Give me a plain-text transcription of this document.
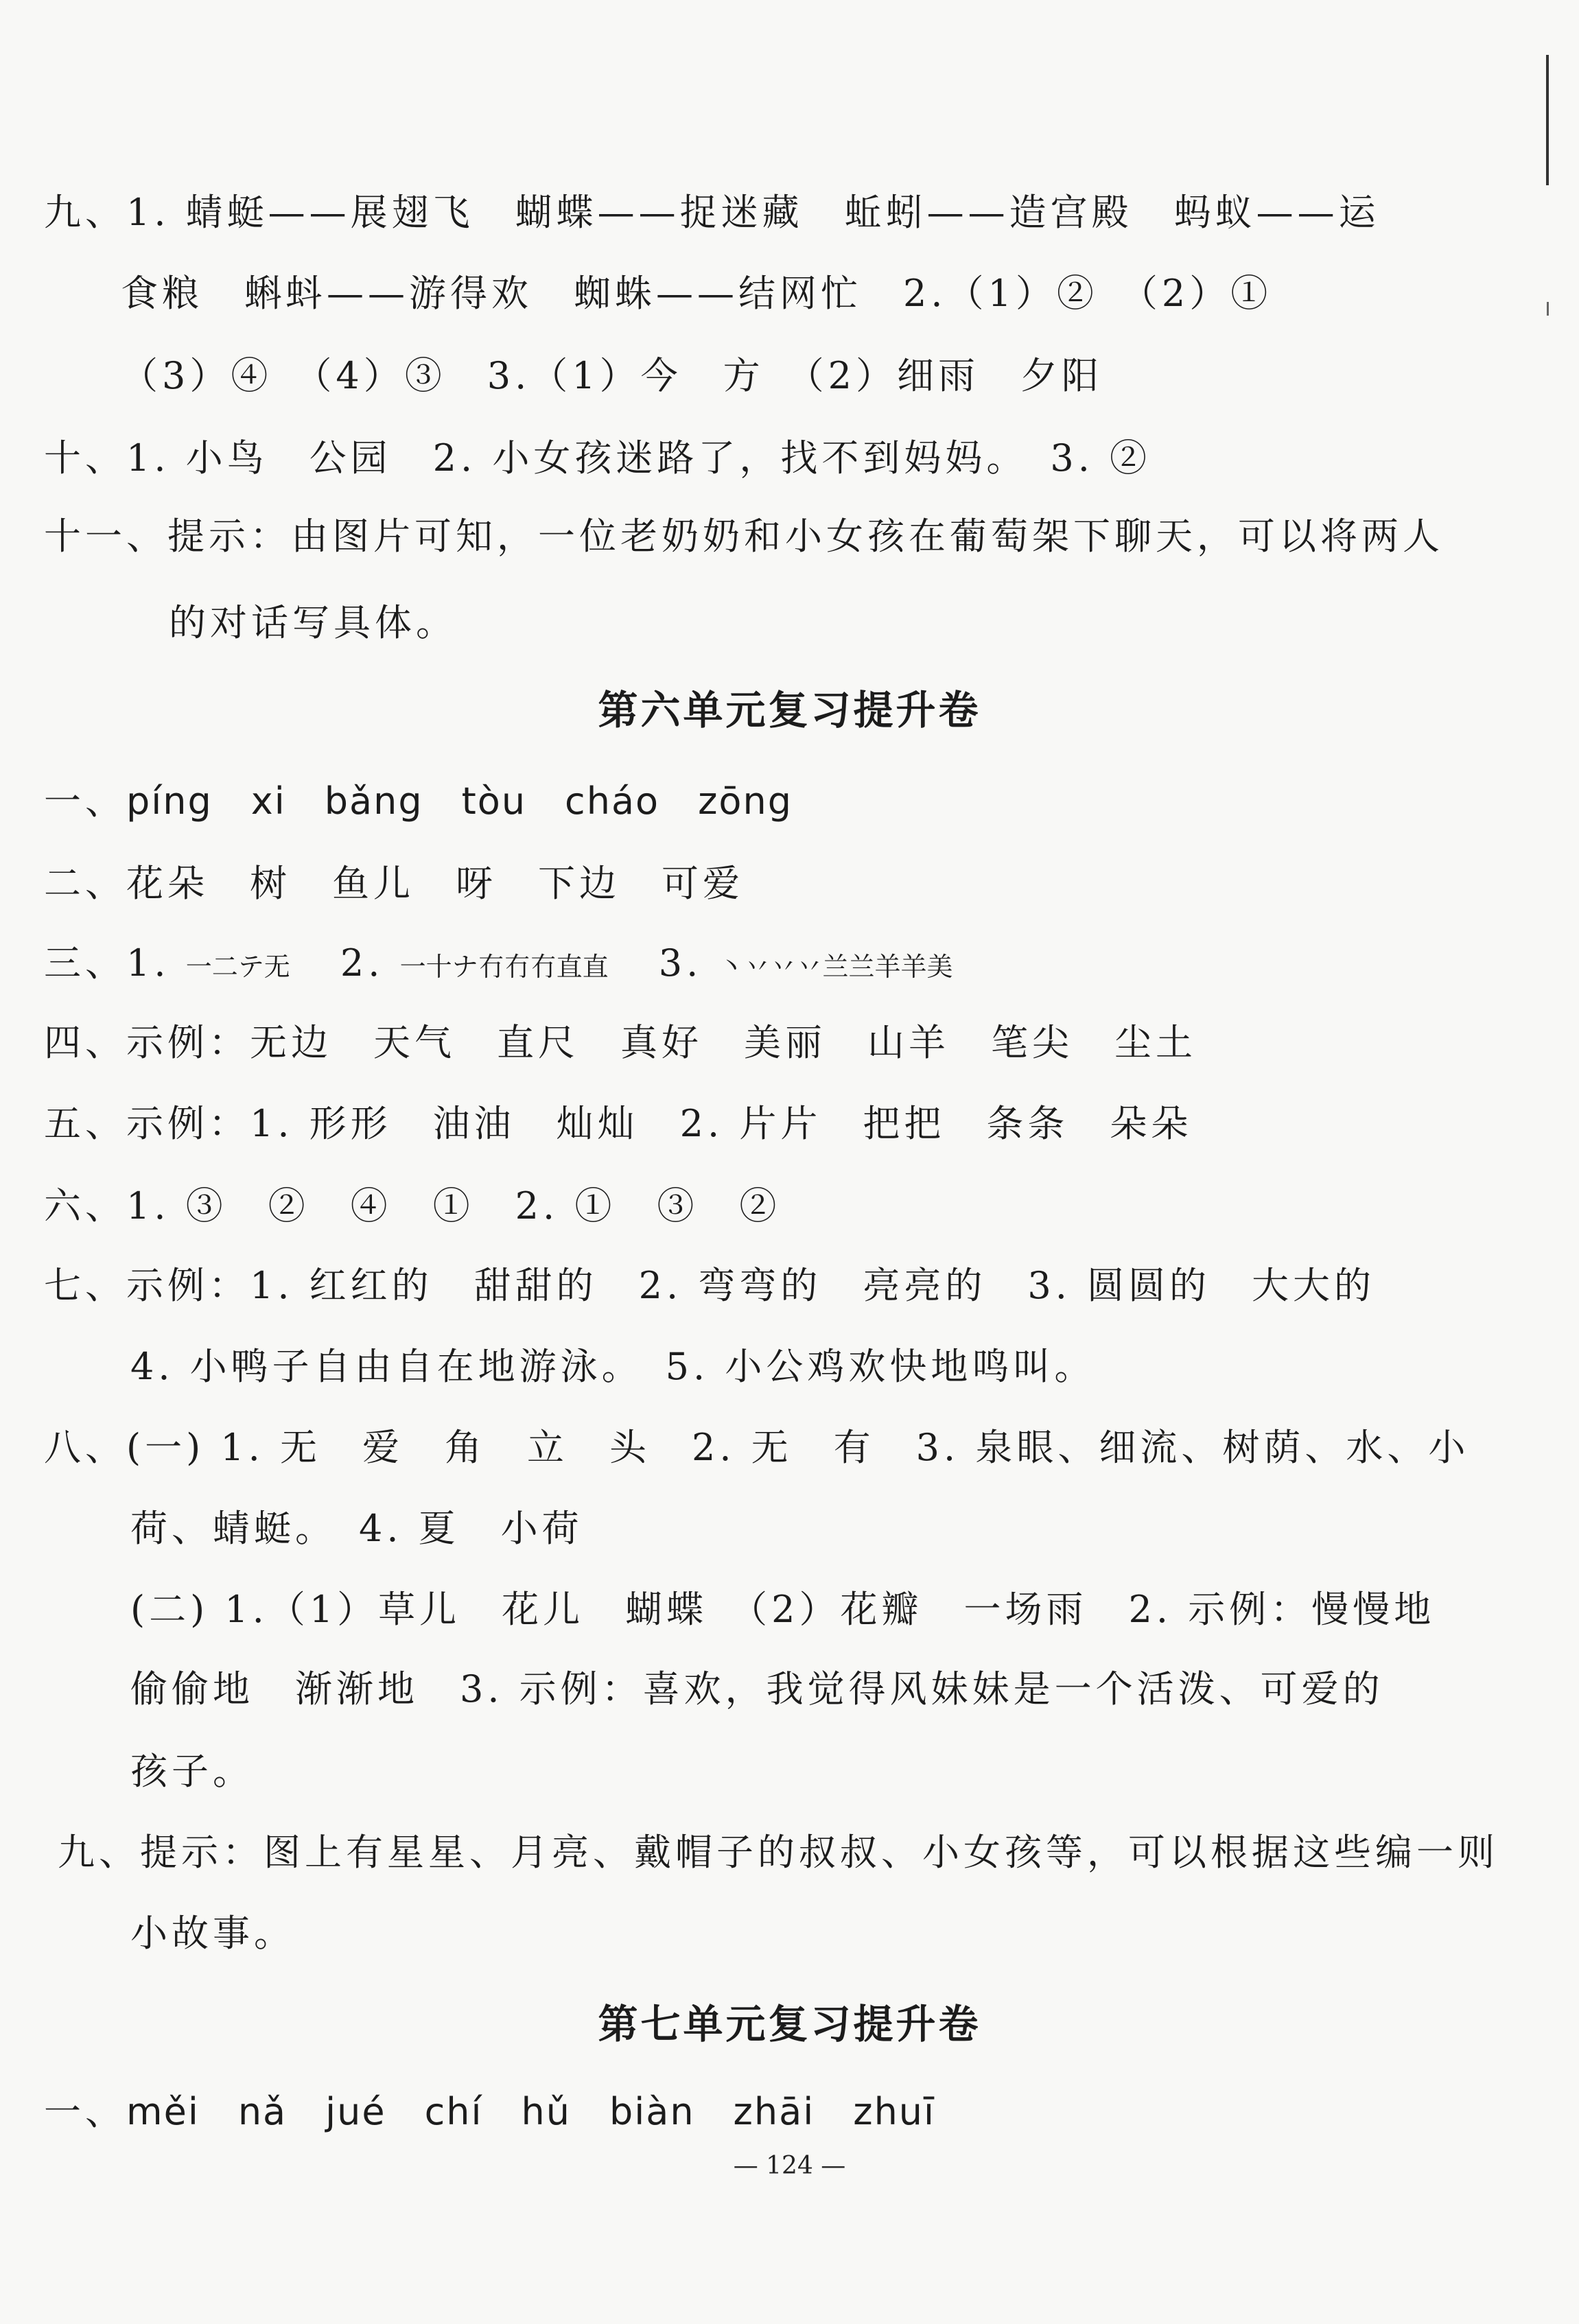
九、1. 蜻蜓——展翅飞　蝴蝶——捉迷藏　蚯蚓——造宫殿　蚂蚁——运
食粮　蝌蚪——游得欢　蜘蛛——结网忙　2.（1）②　（2）①
（3）④　（4）③　3.（1）今　方　（2）细雨　夕阳
十、1. 小鸟　公园　2. 小女孩迷路了，找不到妈妈。　3. ②
十一、提示：由图片可知，一位老奶奶和小女孩在葡萄架下聊天，可以将两人
的对话写具体。
第六单元复习提升卷
一、píng　xi　bǎng　tòu　cháo　zōng
二、花朵　树　鱼儿　呀　下边　可爱
三、1. 一二テ无 2. 一十ナ冇冇冇直直 3. 丶丷丷丷兰兰羊羊美
四、示例：无边　天气　直尺　真好　美丽　山羊　笔尖　尘土
五、示例：1. 形形　油油　灿灿　2. 片片　把把　条条　朵朵
六、1. ③　②　④　①　2. ①　③　②
七、示例：1. 红红的　甜甜的　2. 弯弯的　亮亮的　3. 圆圆的　大大的
4. 小鸭子自由自在地游泳。　5. 小公鸡欢快地鸣叫。
八、(一) 1. 无　爱　角　立　头　2. 无　有　3. 泉眼、细流、树荫、水、小
荷、蜻蜓。　4. 夏　小荷
(二) 1.（1）草儿　花儿　蝴蝶　（2）花瓣　一场雨　2. 示例：慢慢地
偷偷地　渐渐地　3. 示例：喜欢，我觉得风妹妹是一个活泼、可爱的
孩子。
九、提示：图上有星星、月亮、戴帽子的叔叔、小女孩等，可以根据这些编一则
小故事。
第七单元复习提升卷
一、měi　nǎ　jué　chí　hǔ　biàn　zhāi　zhuī
— 124 —
